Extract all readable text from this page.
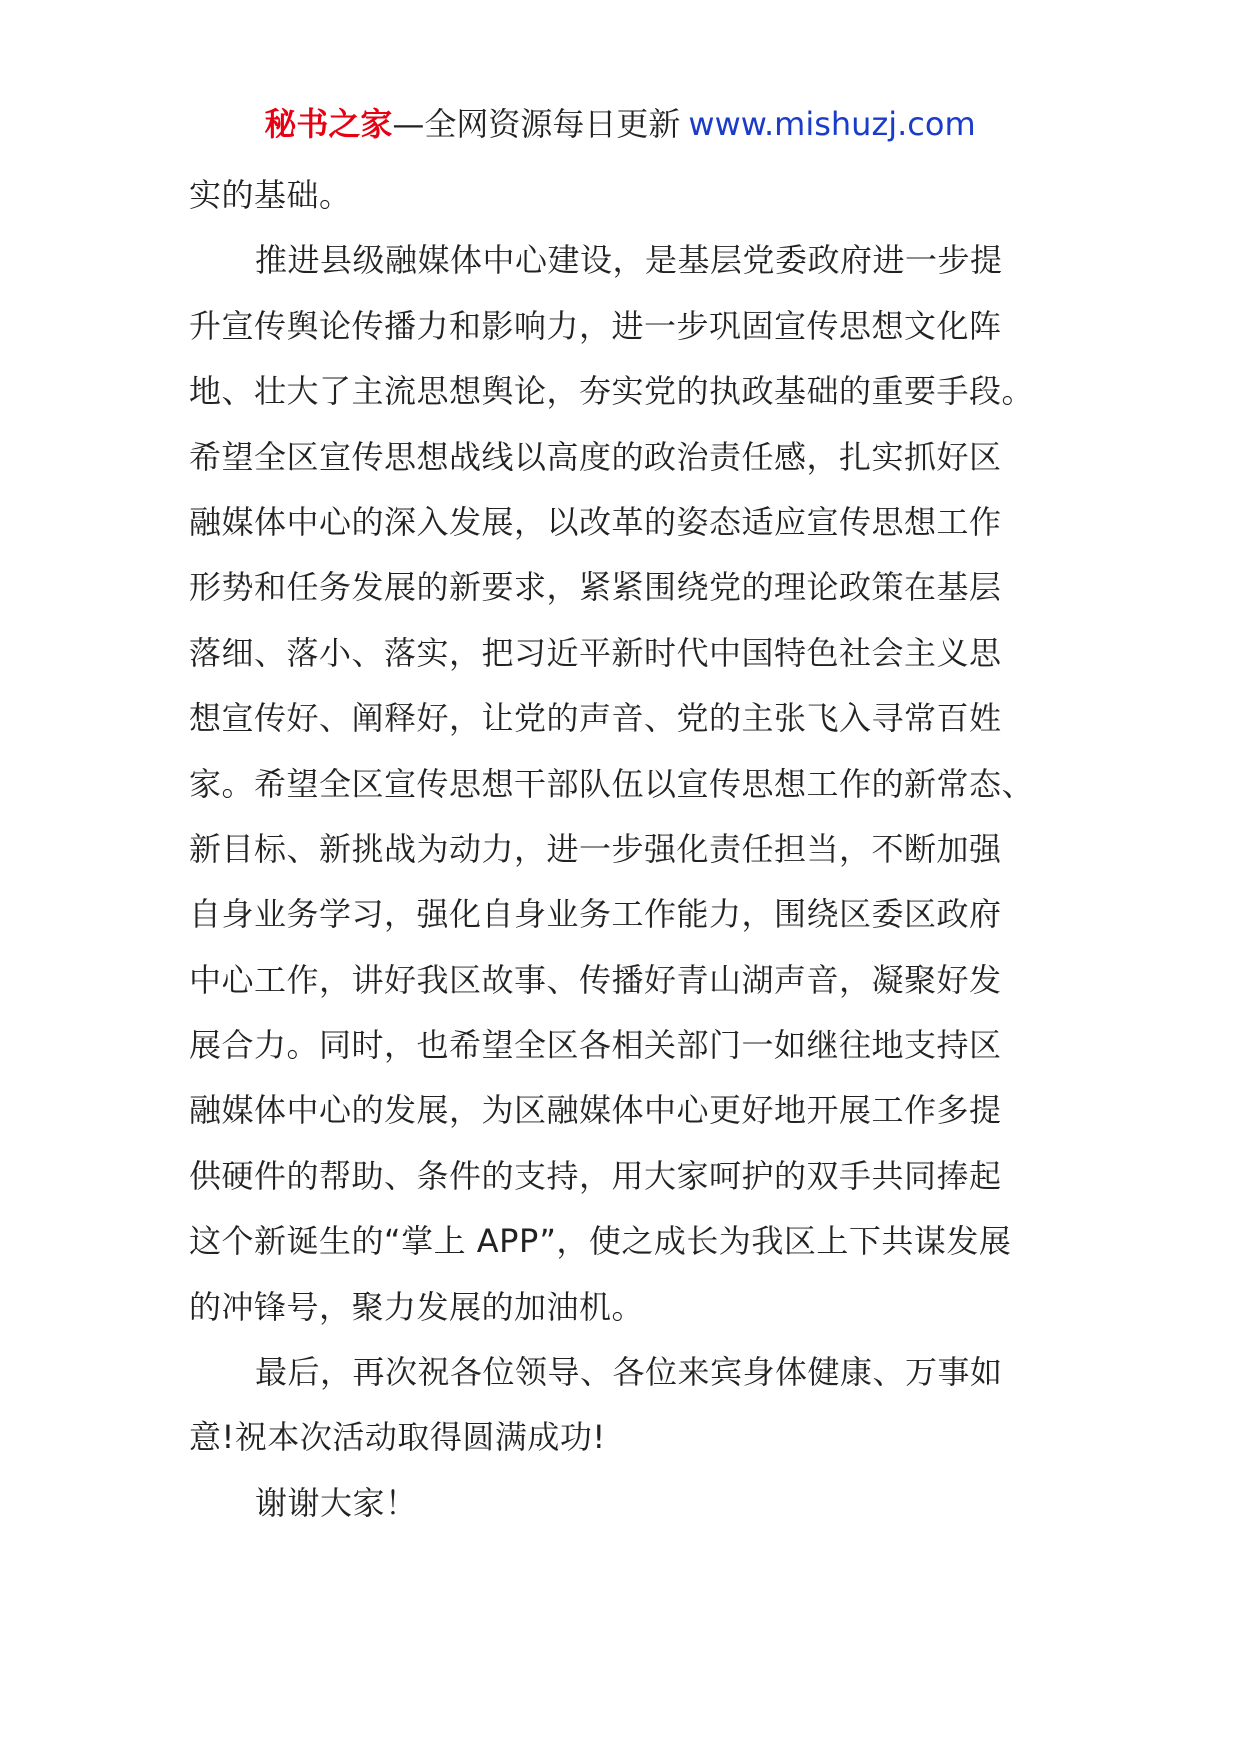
秘书之家—全网资源每日更新 www.mishuzj.com
实的基础。
推进县级融媒体中心建设，是基层党委政府进一步提
升宣传舆论传播力和影响力，进一步巩固宣传思想文化阵
地、壮大了主流思想舆论，夯实党的执政基础的重要手段。
希望全区宣传思想战线以高度的政治责任感，扎实抓好区
融媒体中心的深入发展，以改革的姿态适应宣传思想工作
形势和任务发展的新要求，紧紧围绕党的理论政策在基层
落细、落小、落实，把习近平新时代中国特色社会主义思
想宣传好、阐释好，让党的声音、党的主张飞入寻常百姓
家。希望全区宣传思想干部队伍以宣传思想工作的新常态、
新目标、新挑战为动力，进一步强化责任担当，不断加强
自身业务学习，强化自身业务工作能力，围绕区委区政府
中心工作，讲好我区故事、传播好青山湖声音，凝聚好发
展合力。同时，也希望全区各相关部门一如继往地支持区
融媒体中心的发展，为区融媒体中心更好地开展工作多提
供硬件的帮助、条件的支持，用大家呵护的双手共同捧起
这个新诞生的“掌上 APP”，使之成长为我区上下共谋发展
的冲锋号，聚力发展的加油机。
最后，再次祝各位领导、各位来宾身体健康、万事如
意!祝本次活动取得圆满成功!
谢谢大家！
